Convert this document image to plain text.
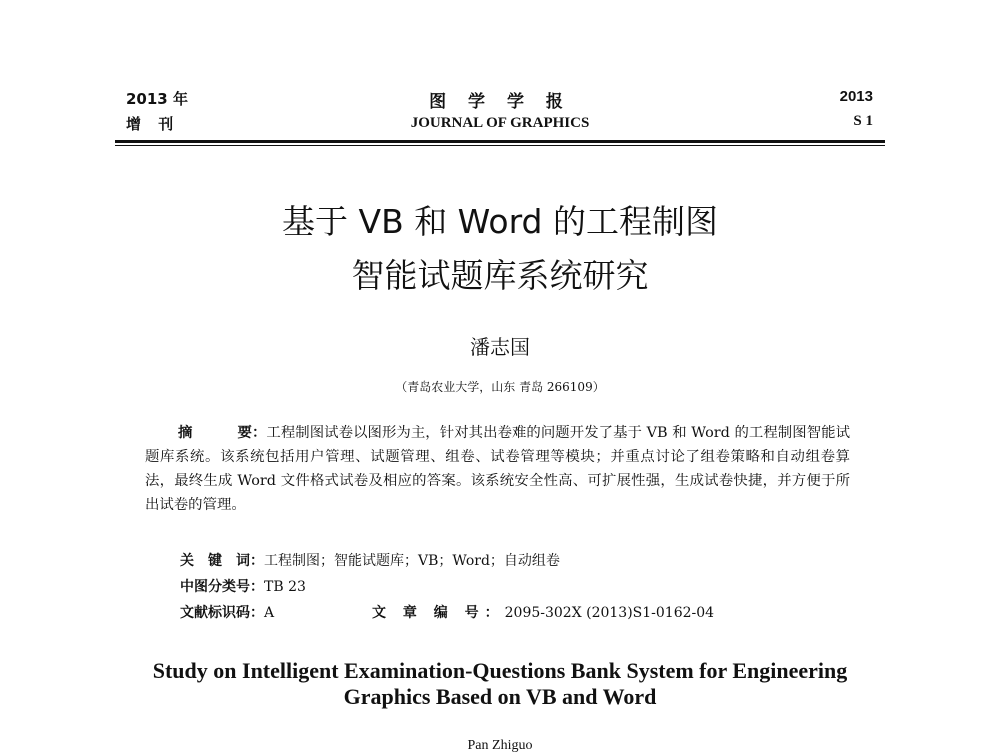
2013 年
增 刊
图 学 学 报
JOURNAL OF GRAPHICS
2013
S 1
基于 VB 和 Word 的工程制图
智能试题库系统研究
潘志国
（青岛农业大学，山东 青岛 266109）
摘	要：工程制图试卷以图形为主，针对其出卷难的问题开发了基于 VB 和 Word 的工程制图智能试题库系统。该系统包括用户管理、试题管理、组卷、试卷管理等模块；并重点讨论了组卷策略和自动组卷算法，最终生成 Word 文件格式试卷及相应的答案。该系统安全性高、可扩展性强，生成试卷快捷，并方便于所出试卷的管理。
关　键　词：工程制图；智能试题库；VB；Word；自动组卷
中图分类号：TB 23
文献标识码：A	文 章 编 号：2095-302X (2013)S1-0162-04
Study on Intelligent Examination-Questions Bank System for Engineering
Graphics Based on VB and Word
Pan Zhiguo
